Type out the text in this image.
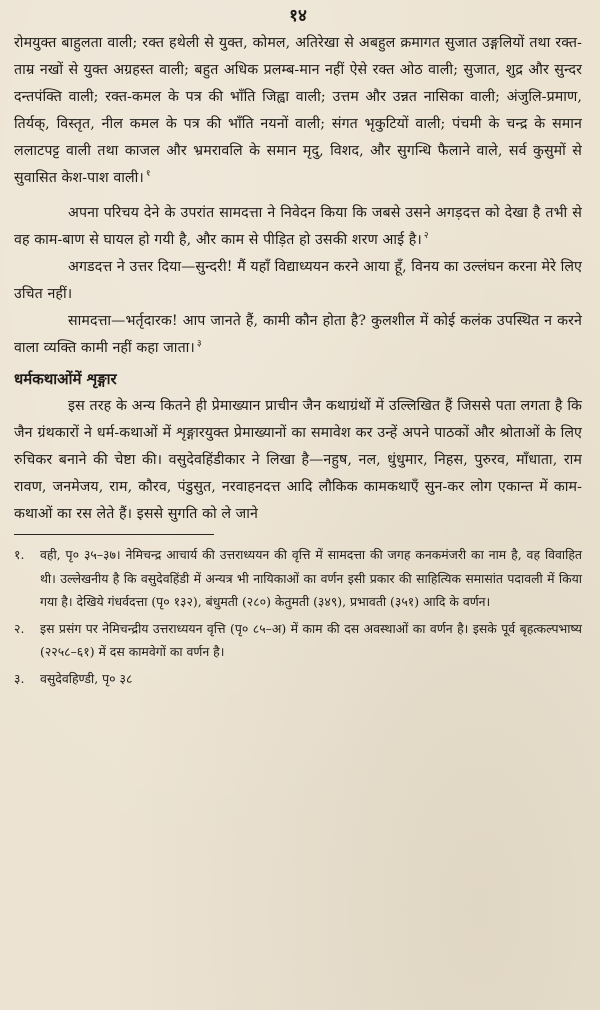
१४

रोमयुक्त बाहुलता वाली; रक्त हथेली से युक्त, कोमल, अतिरेखा से अबहुल क्रमागत सुजात उङ्गलियों तथा रक्त-ताम्र नखों से युक्त अग्रहस्त वाली; बहुत अधिक प्रलम्ब-मान नहीं ऐसे रक्त ओठ वाली; सुजात, शुद्र और सुन्दर दन्तपंक्ति वाली; रक्त-कमल के पत्र की भाँति जिह्वा वाली; उत्तम और उन्नत नासिका वाली; अंजुलि-प्रमाण, तिर्यक्, विस्तृत, नील कमल के पत्र की भाँति नयनों वाली; संगत भृकुटियों वाली; पंचमी के चन्द्र के समान ललाटपट्ट वाली तथा काजल और भ्रमरावलि के समान मृदु, विशद, और सुगन्धि फैलाने वाले, सर्व कुसुमों से सुवासित केश-पाश वाली। $^१$

अपना परिचय देने के उपरांत सामदत्ता ने निवेदन किया कि जबसे उसने अगड़दत्त को देखा है तभी से वह काम-बाण से घायल हो गयी है, और काम से पीड़ित हो उसकी शरण आई है। $^२$

अगडदत्त ने उत्तर दिया—सुन्दरी! मैं यहाँ विद्याध्ययन करने आया हूँ, विनय का उल्लंघन करना मेरे लिए उचित नहीं।

सामदत्ता—भर्तृदारक! आप जानते हैं, कामी कौन होता है? कुलशील में कोई कलंक उपस्थित न करने वाला व्यक्ति कामी नहीं कहा जाता। $^३$

धर्मकथाओंमें शृङ्गार

इस तरह के अन्य कितने ही प्रेमाख्यान प्राचीन जैन कथाग्रंथों में उल्लिखित हैं जिससे पता लगता है कि जैन ग्रंथकारों ने धर्म-कथाओं में शृङ्गारयुक्त प्रेमाख्यानों का समावेश कर उन्हें अपने पाठकों और श्रोताओं के लिए रुचिकर बनाने की चेष्टा की। वसुदेवहिंडीकार ने लिखा है—नहुष, नल, धुंधुमार, निहस, पुरुरव, माँधाता, राम रावण, जनमेजय, राम, कौरव, पंडुसुत, नरवाहनदत्त आदि लौकिक कामकथाएँ सुन-कर लोग एकान्त में काम-कथाओं का रस लेते हैं। इससे सुगति को ले जाने

१.	वही, पृ० ३५–३७। नेमिचन्द्र आचार्य की उत्तराध्ययन की वृत्ति में सामदत्ता की जगह कनकमंजरी का नाम है, वह विवाहित थी। उल्लेखनीय है कि वसुदेवहिंडी में अन्यत्र भी नायिकाओं का वर्णन इसी प्रकार की साहित्यिक समासांत पदावली में किया गया है। देखिये गंधर्वदत्ता (पृ० १३२), बंधुमती (२८०) केतुमती (३४९), प्रभावती (३५१) आदि के वर्णन।
२.	इस प्रसंग पर नेमिचन्द्रीय उत्तराध्ययन वृत्ति (पृ० ८५–अ) में काम की दस अवस्थाओं का वर्णन है। इसके पूर्व बृहत्कल्पभाष्य (२२५८–६१) में दस कामवेगों का वर्णन है।
३.	वसुदेवहिण्डी, पृ० ३८
